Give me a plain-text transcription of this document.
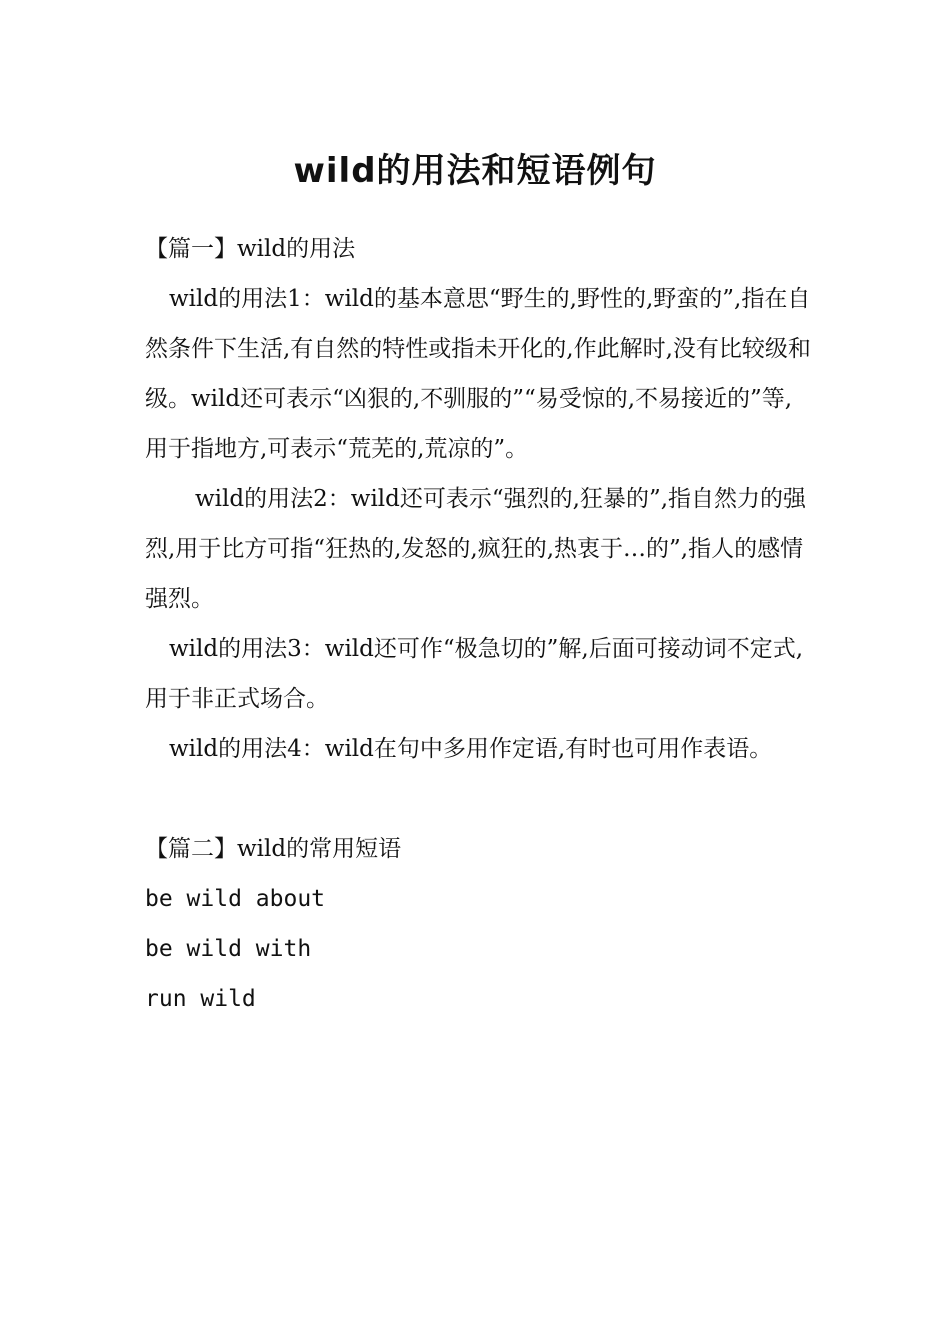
wild的用法和短语例句

【篇一】wild的用法

wild的用法1：wild的基本意思“野生的,野性的,野蛮的”,指在自然条件下生活,有自然的特性或指未开化的,作此解时,没有比较级和级。wild还可表示“凶狠的,不驯服的”“易受惊的,不易接近的”等,用于指地方,可表示“荒芜的,荒凉的”。

wild的用法2：wild还可表示“强烈的,狂暴的”,指自然力的强烈,用于比方可指“狂热的,发怒的,疯狂的,热衷于…的”,指人的感情强烈。

wild的用法3：wild还可作“极急切的”解,后面可接动词不定式,用于非正式场合。

wild的用法4：wild在句中多用作定语,有时也可用作表语。

【篇二】wild的常用短语

be wild about

be wild with

run wild
